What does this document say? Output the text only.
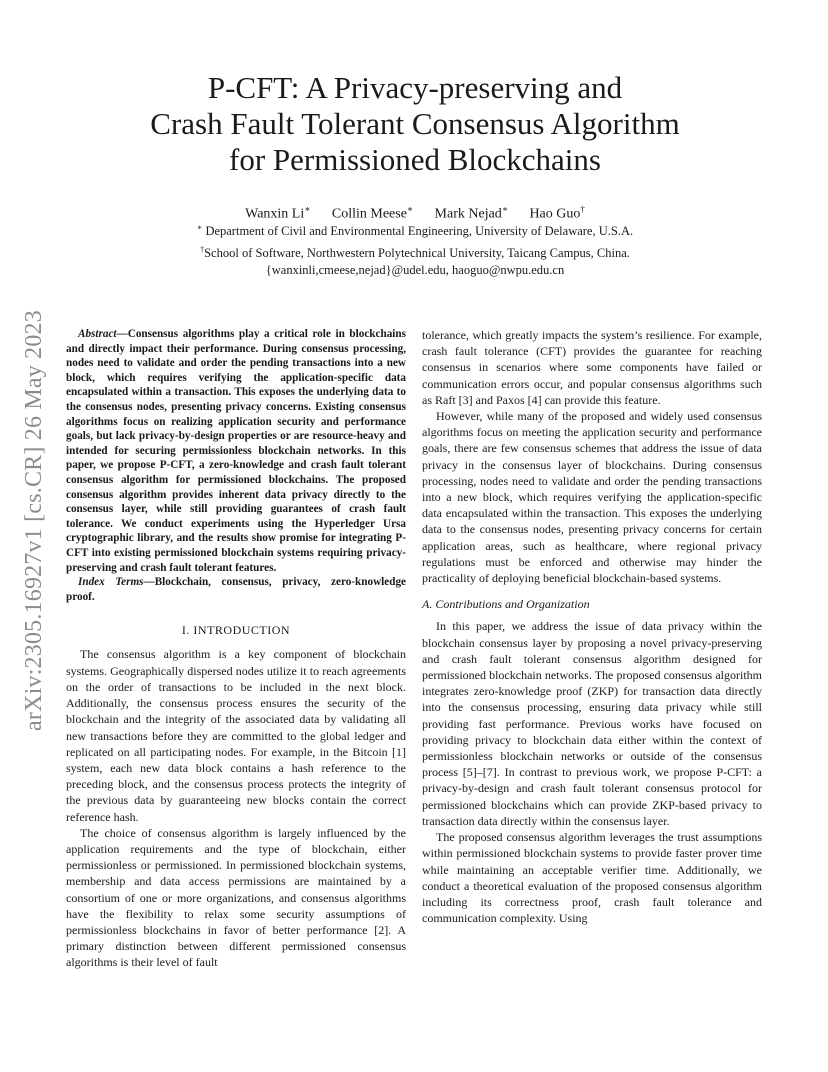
arXiv:2305.16927v1 [cs.CR] 26 May 2023
P-CFT: A Privacy-preserving and
Crash Fault Tolerant Consensus Algorithm
for Permissioned Blockchains
Wanxin Li∗ Collin Meese∗ Mark Nejad∗ Hao Guo†
∗ Department of Civil and Environmental Engineering, University of Delaware, U.S.A.
†School of Software, Northwestern Polytechnical University, Taicang Campus, China.
{wanxinli,cmeese,nejad}@udel.edu, haoguo@nwpu.edu.cn

Abstract—Consensus algorithms play a critical role in blockchains and directly impact their performance. During consensus processing, nodes need to validate and order the pending transactions into a new block, which requires verifying the application-specific data encapsulated within a transaction. This exposes the underlying data to the consensus nodes, presenting privacy concerns. Existing consensus algorithms focus on realizing application security and performance goals, but lack privacy-by-design properties or are resource-heavy and intended for securing permissionless blockchain networks. In this paper, we propose P-CFT, a zero-knowledge and crash fault tolerant consensus algorithm for permissioned blockchains. The proposed consensus algorithm provides inherent data privacy directly to the consensus layer, while still providing guarantees of crash fault tolerance. We conduct experiments using the Hyperledger Ursa cryptographic library, and the results show promise for integrating P-CFT into existing permissioned blockchain systems requiring privacy-preserving and crash fault tolerant features.

Index Terms—Blockchain, consensus, privacy, zero-knowledge proof.

I. INTRODUCTION

The consensus algorithm is a key component of blockchain systems. Geographically dispersed nodes utilize it to reach agreements on the order of transactions to be included in the next block. Additionally, the consensus process ensures the security of the blockchain and the integrity of the associated data by validating all new transactions before they are committed to the global ledger and replicated on all participating nodes. For example, in the Bitcoin [1] system, each new data block contains a hash reference to the preceding block, and the consensus process protects the integrity of the previous data by guaranteeing new blocks contain the correct reference hash.

The choice of consensus algorithm is largely influenced by the application requirements and the type of blockchain, either permissionless or permissioned. In permissioned blockchain systems, membership and data access permissions are maintained by a consortium of one or more organizations, and consensus algorithms have the flexibility to relax some security assumptions of permissionless blockchains in favor of better performance [2]. A primary distinction between different permissioned consensus algorithms is their level of fault

tolerance, which greatly impacts the system’s resilience. For example, crash fault tolerance (CFT) provides the guarantee for reaching consensus in scenarios where some components have failed or communication errors occur, and popular consensus algorithms such as Raft [3] and Paxos [4] can provide this feature.

However, while many of the proposed and widely used consensus algorithms focus on meeting the application security and performance goals, there are few consensus schemes that address the issue of data privacy in the consensus layer of blockchains. During consensus processing, nodes need to validate and order the pending transactions into a new block, which requires verifying the application-specific data encapsulated within the transaction. This exposes the underlying data to the consensus nodes, presenting privacy concerns for certain application areas, such as healthcare, where regional privacy regulations must be enforced and otherwise may hinder the practicality of deploying beneficial blockchain-based systems.

A. Contributions and Organization

In this paper, we address the issue of data privacy within the blockchain consensus layer by proposing a novel privacy-preserving and crash fault tolerant consensus algorithm designed for permissioned blockchain networks. The proposed consensus algorithm integrates zero-knowledge proof (ZKP) for transaction data directly into the consensus processing, ensuring data privacy while still providing fast performance. Previous works have focused on providing privacy to blockchain data either within the context of permissionless blockchain networks or outside of the consensus process [5]–[7]. In contrast to previous work, we propose P-CFT: a privacy-by-design and crash fault tolerant consensus protocol for permissioned blockchains which can provide ZKP-based privacy to transaction data directly within the consensus layer.

The proposed consensus algorithm leverages the trust assumptions within permissioned blockchain systems to provide faster prover time while maintaining an acceptable verifier time. Additionally, we conduct a theoretical evaluation of the proposed consensus algorithm including its correctness proof, crash fault tolerance and communication complexity. Using
